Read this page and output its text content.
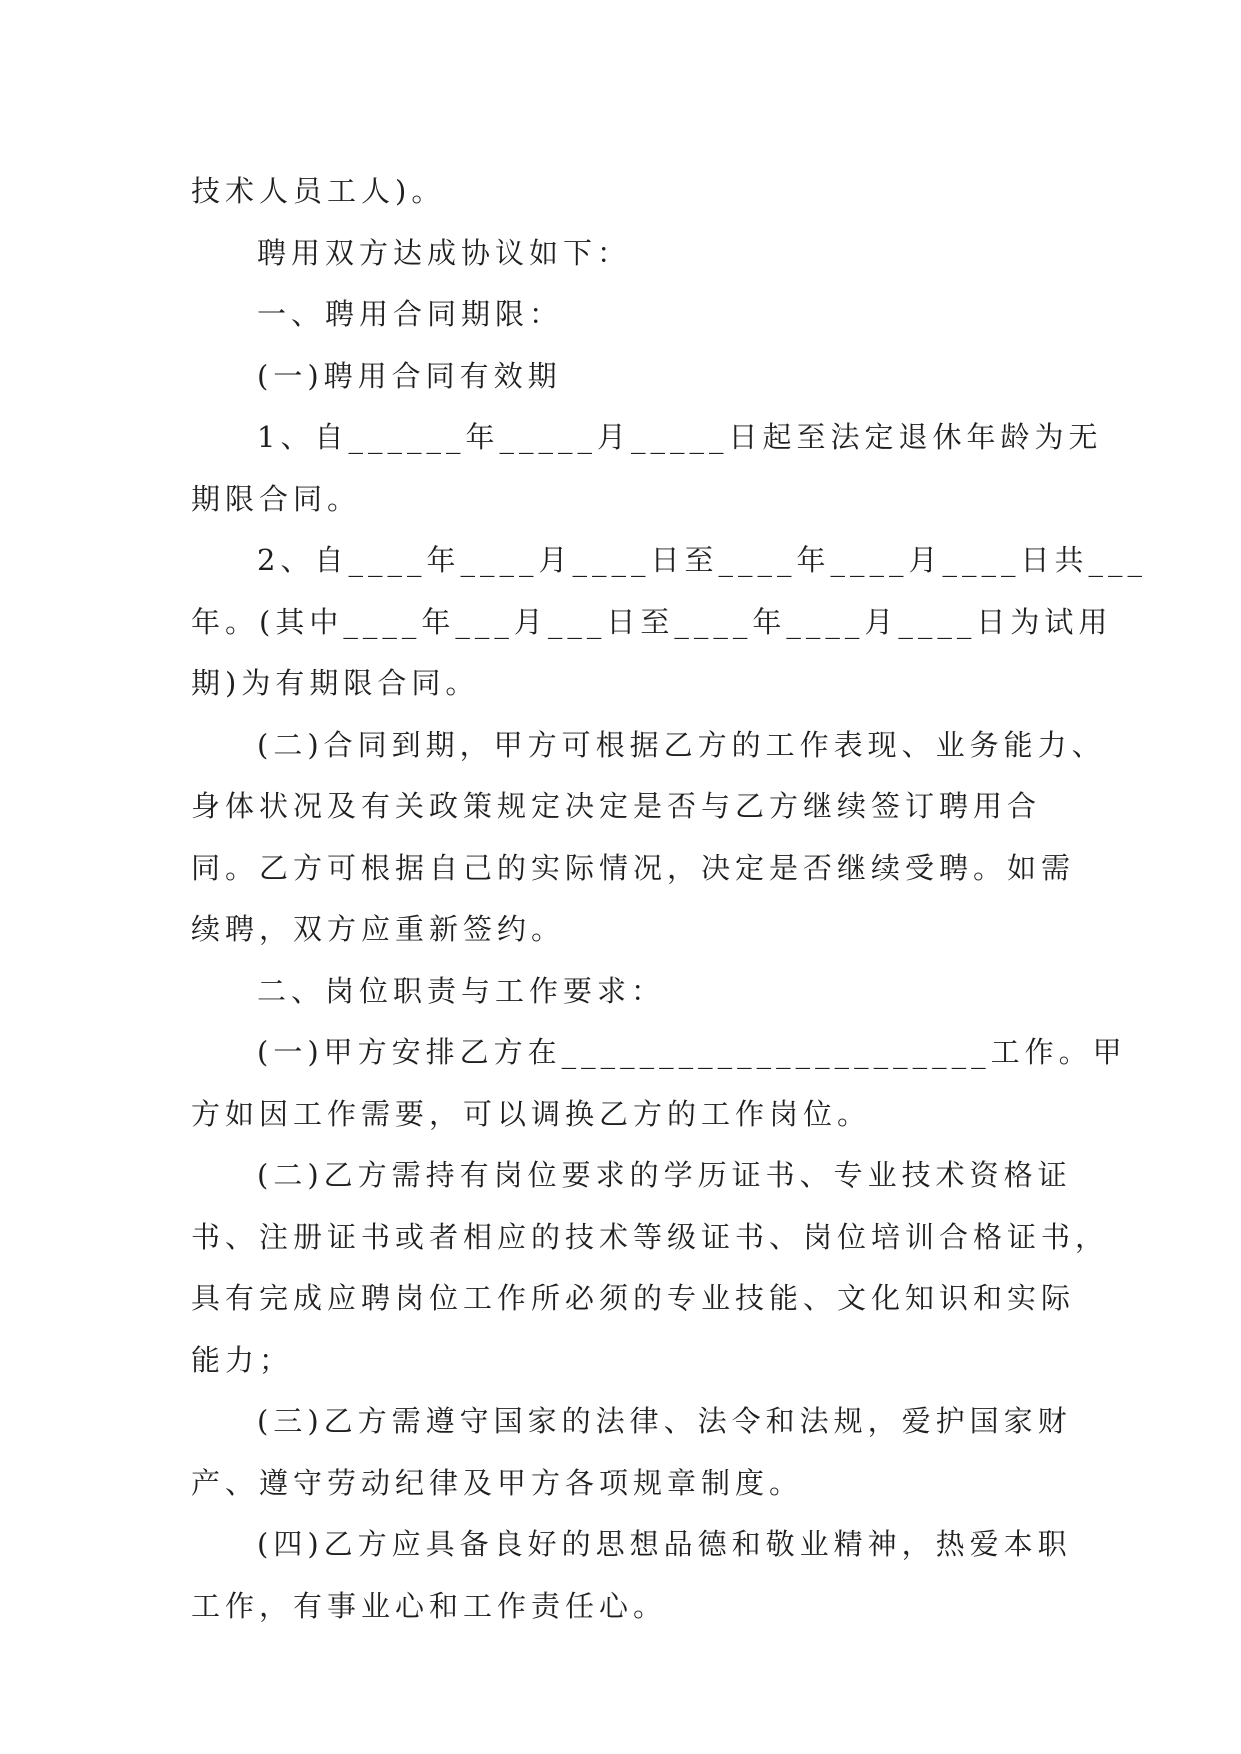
技术人员工人)。
聘用双方达成协议如下：
一、聘用合同期限：
(一)聘用合同有效期
1、自______年_____月_____日起至法定退休年龄为无
期限合同。
2、自____年____月____日至____年____月____日共___
年。(其中____年___月___日至____年____月____日为试用
期)为有期限合同。
(二)合同到期，甲方可根据乙方的工作表现、业务能力、
身体状况及有关政策规定决定是否与乙方继续签订聘用合
同。乙方可根据自己的实际情况，决定是否继续受聘。如需
续聘，双方应重新签约。
二、岗位职责与工作要求：
(一)甲方安排乙方在______________________工作。甲
方如因工作需要，可以调换乙方的工作岗位。
(二)乙方需持有岗位要求的学历证书、专业技术资格证
书、注册证书或者相应的技术等级证书、岗位培训合格证书，
具有完成应聘岗位工作所必须的专业技能、文化知识和实际
能力；
(三)乙方需遵守国家的法律、法令和法规，爱护国家财
产、遵守劳动纪律及甲方各项规章制度。
(四)乙方应具备良好的思想品德和敬业精神，热爱本职
工作，有事业心和工作责任心。
